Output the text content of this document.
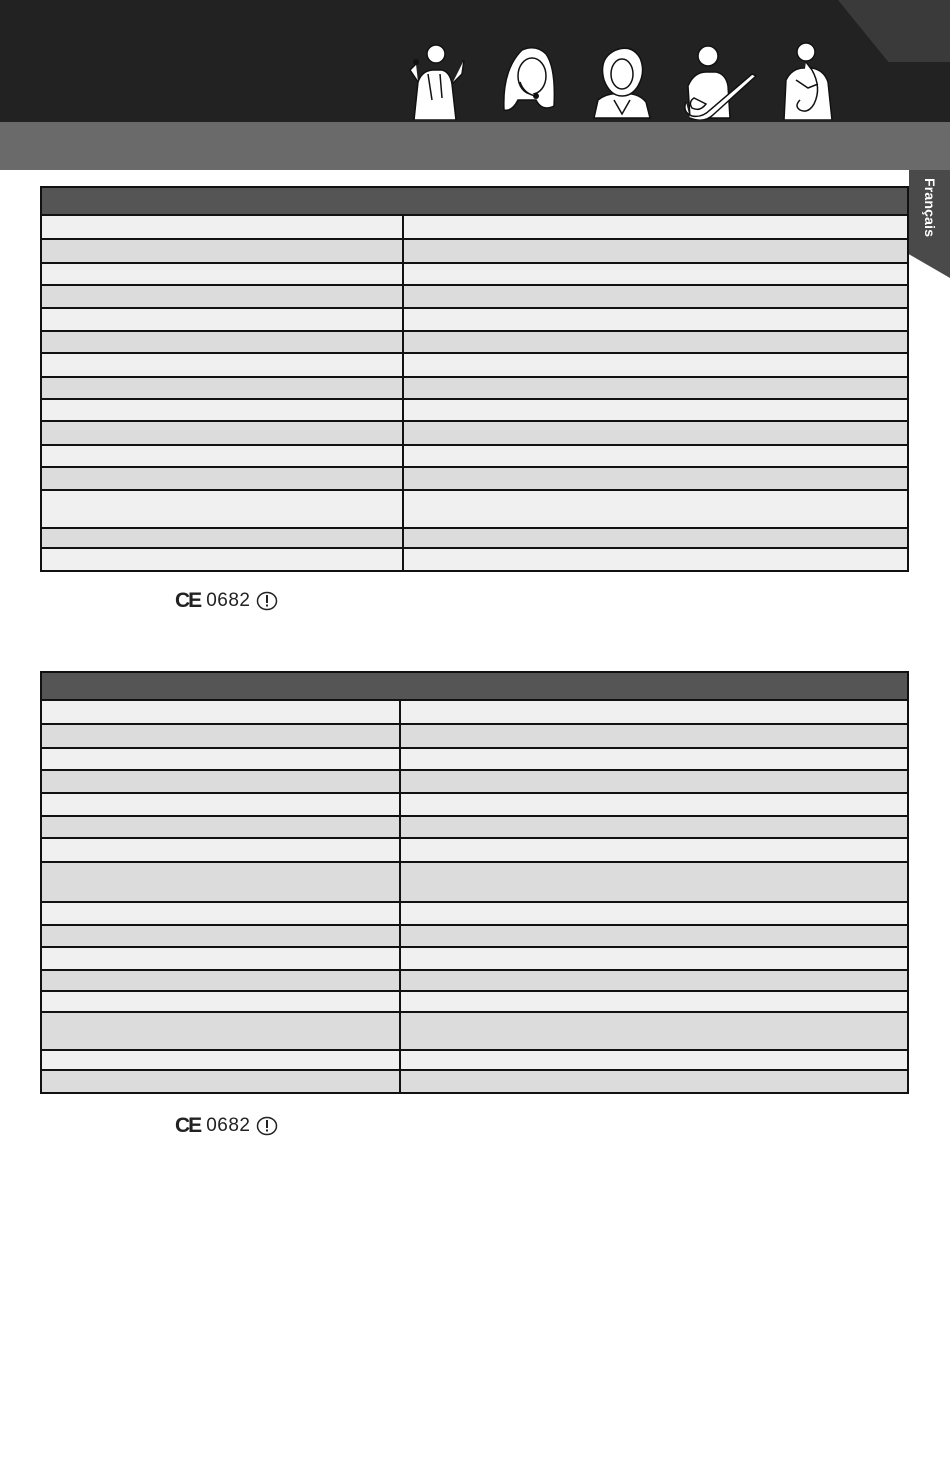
Français
CE 0682
CE 0682
